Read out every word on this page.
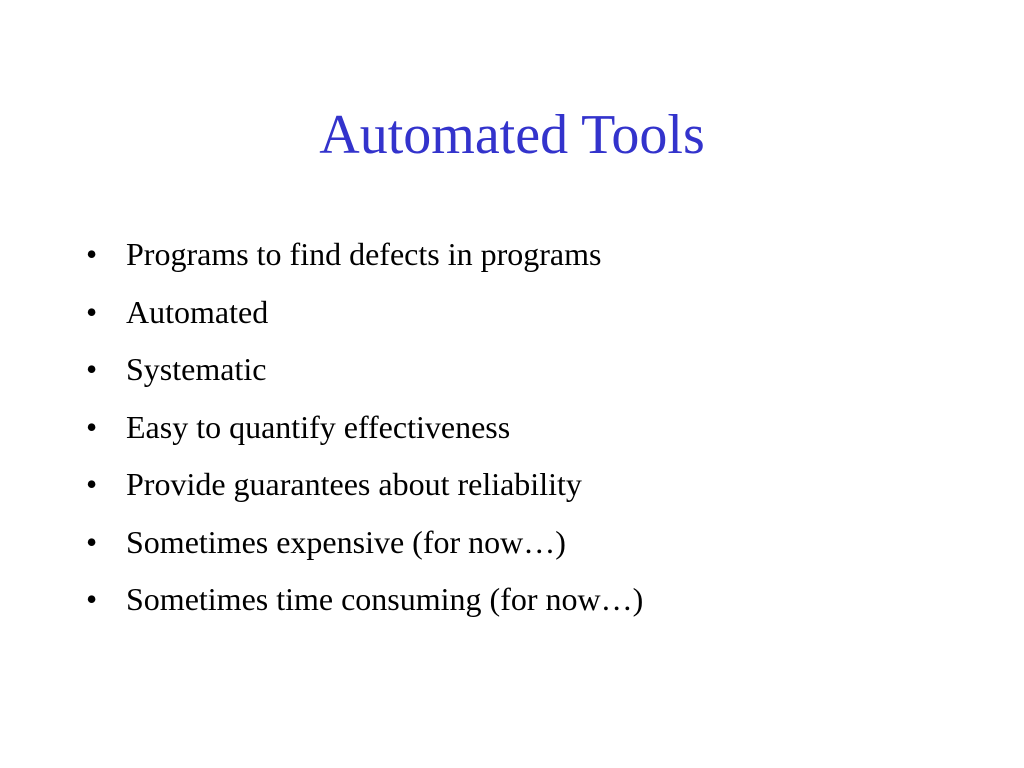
Automated Tools
• Programs to find defects in programs
• Automated
• Systematic
• Easy to quantify effectiveness
• Provide guarantees about reliability
• Sometimes expensive (for now…)
• Sometimes time consuming (for now…)
